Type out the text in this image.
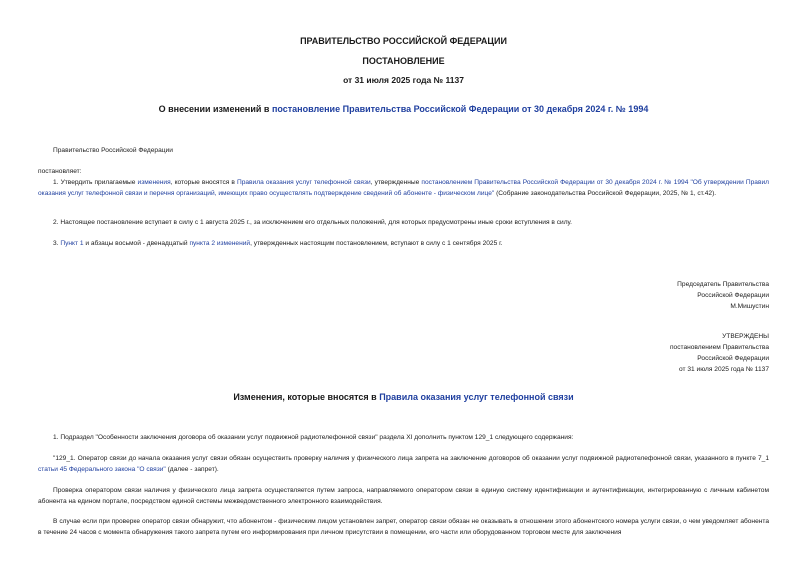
ПРАВИТЕЛЬСТВО РОССИЙСКОЙ ФЕДЕРАЦИИ
ПОСТАНОВЛЕНИЕ
от 31 июля 2025 года № 1137
О внесении изменений в постановление Правительства Российской Федерации от 30 декабря 2024 г. № 1994

Правительство Российской Федерации

постановляет:

1. Утвердить прилагаемые изменения, которые вносятся в Правила оказания услуг телефонной связи, утвержденные постановлением Правительства Российской Федерации от 30 декабря 2024 г. № 1994 "Об утверждении Правил оказания услуг телефонной связи и перечня организаций, имеющих право осуществлять подтверждение сведений об абоненте - физическом лице" (Собрание законодательства Российской Федерации, 2025, № 1, ст.42).

2. Настоящее постановление вступает в силу с 1 августа 2025 г., за исключением его отдельных положений, для которых предусмотрены иные сроки вступления в силу.

3. Пункт 1 и абзацы восьмой - двенадцатый пункта 2 изменений, утвержденных настоящим постановлением, вступают в силу с 1 сентября 2025 г.

Председатель Правительства
Российской Федерации
М.Мишустин
УТВЕРЖДЕНЫ
постановлением Правительства
Российской Федерации
от 31 июля 2025 года № 1137
Изменения, которые вносятся в Правила оказания услуг телефонной связи

1. Подраздел "Особенности заключения договора об оказании услуг подвижной радиотелефонной связи" раздела XI дополнить пунктом 129_1 следующего содержания:

"129_1. Оператор связи до начала оказания услуг связи обязан осуществить проверку наличия у физического лица запрета на заключение договоров об оказании услуг подвижной радиотелефонной связи, указанного в пункте 7_1 статьи 45 Федерального закона "О связи" (далее - запрет).

Проверка оператором связи наличия у физического лица запрета осуществляется путем запроса, направляемого оператором связи в единую систему идентификации и аутентификации, интегрированную с личным кабинетом абонента на едином портале, посредством единой системы межведомственного электронного взаимодействия.

В случае если при проверке оператор связи обнаружит, что абонентом - физическим лицом установлен запрет, оператор связи обязан не оказывать в отношении этого абонентского номера услуги связи, о чем уведомляет абонента в течение 24 часов с момента обнаружения такого запрета путем его информирования при личном присутствии в помещении, его части или оборудованном торговом месте для заключения
